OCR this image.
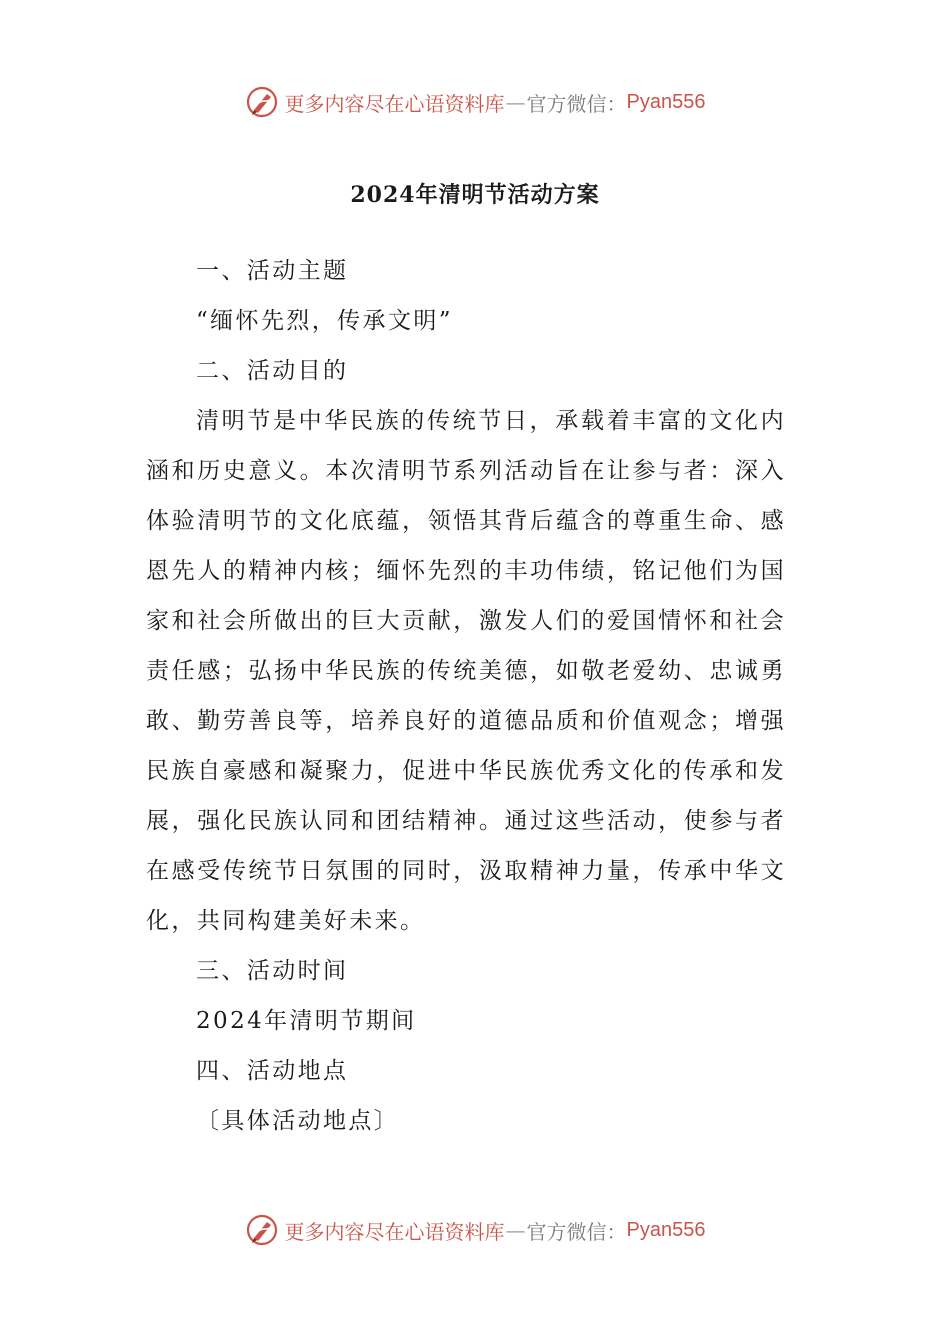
更多内容尽在心语资料库 — 官方微信： Pyan556
2024年清明节活动方案

一、活动主题

“缅怀先烈，传承文明”

二、活动目的

清明节是中华民族的传统节日，承载着丰富的文化内涵和历史意义。本次清明节系列活动旨在让参与者：深入体验清明节的文化底蕴，领悟其背后蕴含的尊重生命、感恩先人的精神内核；缅怀先烈的丰功伟绩，铭记他们为国家和社会所做出的巨大贡献，激发人们的爱国情怀和社会责任感；弘扬中华民族的传统美德，如敬老爱幼、忠诚勇敢、勤劳善良等，培养良好的道德品质和价值观念；增强民族自豪感和凝聚力，促进中华民族优秀文化的传承和发展，强化民族认同和团结精神。通过这些活动，使参与者在感受传统节日氛围的同时，汲取精神力量，传承中华文化，共同构建美好未来。

三、活动时间

2024年清明节期间

四、活动地点

〔具体活动地点〕

更多内容尽在心语资料库 — 官方微信： Pyan556
